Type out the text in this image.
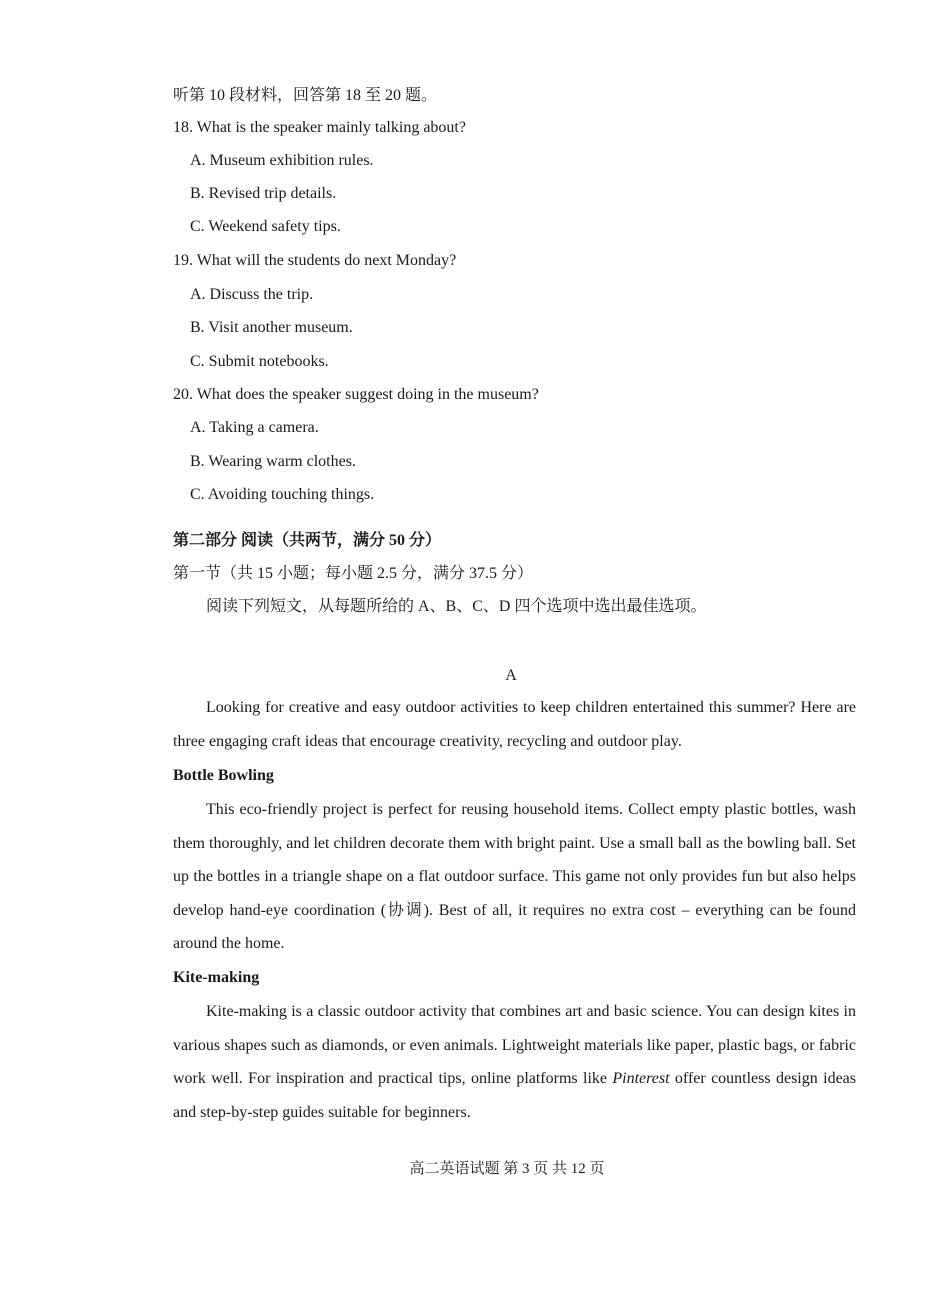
听第 10 段材料，回答第 18 至 20 题。
18. What is the speaker mainly talking about?
A. Museum exhibition rules.
B. Revised trip details.
C. Weekend safety tips.
19. What will the students do next Monday?
A. Discuss the trip.
B. Visit another museum.
C. Submit notebooks.
20. What does the speaker suggest doing in the museum?
A. Taking a camera.
B. Wearing warm clothes.
C. Avoiding touching things.
第二部分 阅读（共两节，满分 50 分）
第一节（共 15 小题；每小题 2.5 分，满分 37.5 分）
阅读下列短文，从每题所给的 A、B、C、D 四个选项中选出最佳选项。
A
Looking for creative and easy outdoor activities to keep children entertained this summer? Here are three engaging craft ideas that encourage creativity, recycling and outdoor play.
Bottle Bowling
This eco-friendly project is perfect for reusing household items. Collect empty plastic bottles, wash them thoroughly, and let children decorate them with bright paint. Use a small ball as the bowling ball. Set up the bottles in a triangle shape on a flat outdoor surface. This game not only provides fun but also helps develop hand-eye coordination (协调). Best of all, it requires no extra cost – everything can be found around the home.
Kite-making
Kite-making is a classic outdoor activity that combines art and basic science. You can design kites in various shapes such as diamonds, or even animals. Lightweight materials like paper, plastic bags, or fabric work well. For inspiration and practical tips, online platforms like Pinterest offer countless design ideas and step-by-step guides suitable for beginners.
高二英语试题 第 3 页 共 12 页
